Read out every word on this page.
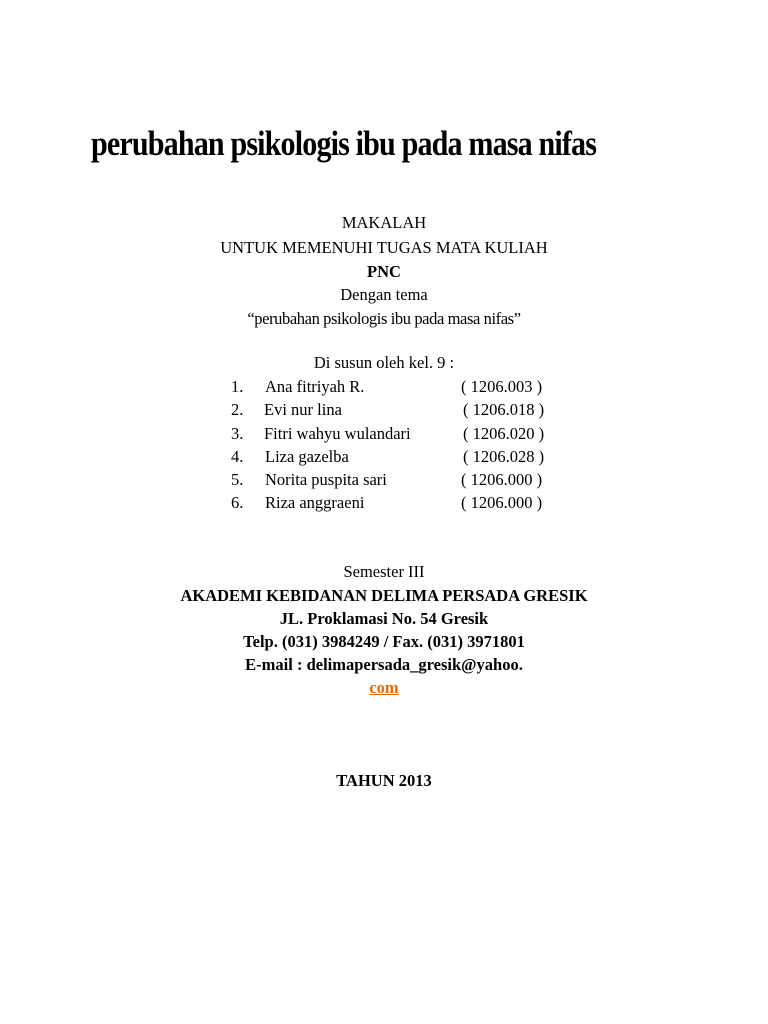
perubahan psikologis ibu pada masa nifas
MAKALAH
UNTUK MEMENUHI TUGAS MATA KULIAH
PNC
Dengan tema
“perubahan psikologis ibu pada masa nifas”
Di susun oleh kel. 9 :
1. Ana fitriyah R.	( 1206.003 )
2. Evi nur lina	( 1206.018 )
3. Fitri wahyu wulandari	( 1206.020 )
4. Liza gazelba	( 1206.028 )
5. Norita puspita sari	( 1206.000 )
6. Riza anggraeni	( 1206.000 )
Semester III
AKADEMI KEBIDANAN DELIMA PERSADA GRESIK
JL. Proklamasi No. 54 Gresik
Telp. (031) 3984249 / Fax. (031) 3971801
E-mail : delimapersada_gresik@yahoo.
com
TAHUN 2013
